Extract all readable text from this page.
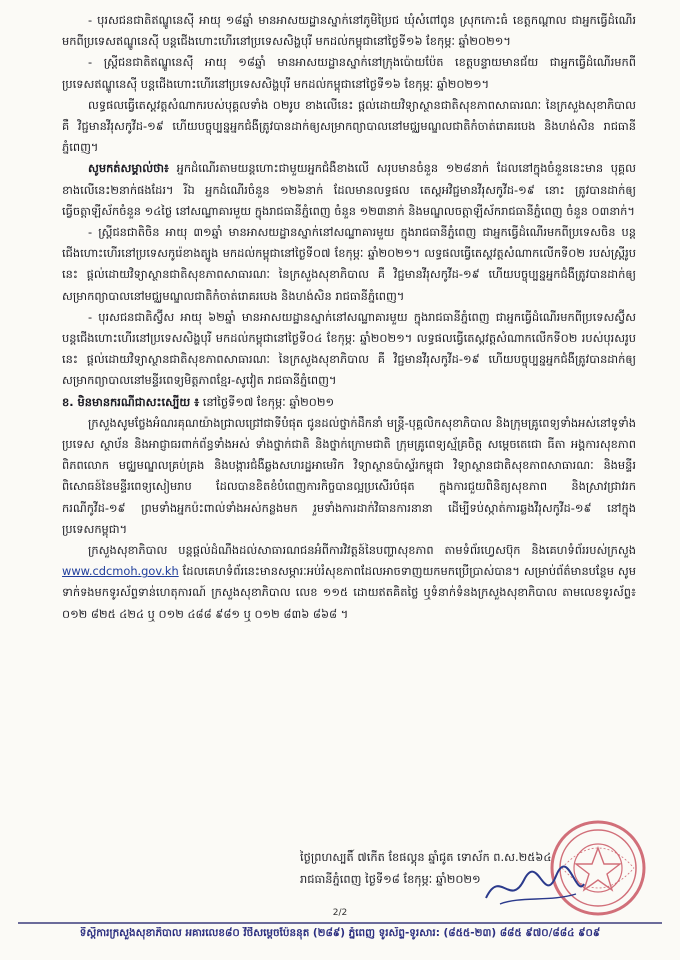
- បុរសជនជាតិឥណ្ឌូនេស៊ី អាយុ ១៨ឆ្នាំ មានអាសយដ្ឋានស្នាក់នៅភូមិប្រៃជ ឃុំសំពៅពូន ស្រុកកោះធំ ខេត្តកណ្ដាល ជាអ្នកធ្វើដំណើរមកពីប្រទេសឥណ្ឌូនេស៊ី បន្តជើងហោះហើរនៅប្រទេសសិង្ហបុរី មកដល់កម្ពុជានៅថ្ងៃទី១៦ ខែកុម្ភៈ ឆ្នាំ២០២១។

- ស្ត្រីជនជាតិឥណ្ឌូនេស៊ី អាយុ ១៨ឆ្នាំ មានអាសយដ្ឋានស្នាក់នៅក្រុងប៉ោយប៉ែត ខេត្តបន្ទាយមានជ័យ ជាអ្នកធ្វើដំណើរមកពីប្រទេសឥណ្ឌូនេស៊ី បន្តជើងហោះហើរនៅប្រទេសសិង្ហបុរី មកដល់កម្ពុជានៅថ្ងៃទី១៦ ខែកុម្ភៈ ឆ្នាំ២០២១។

លទ្ធផលធ្វើតេស្តវត្តសំណាករបស់បុគ្គលទាំង ០២រូប ខាងលើនេះ ផ្តល់ដោយវិទ្យាស្ថានជាតិសុខភាពសាធារណៈ នៃក្រសួងសុខាភិបាល គឺ វិជ្ជមានវីរុសកូវីដ-១៩ ហើយបច្ចុប្បន្នអ្នកជំងឺត្រូវបានដាក់ឲ្យសម្រាកព្យាបាលនៅមជ្ឈមណ្ឌលជាតិកំចាត់រោគរបេង និងហង់សិន រាជធានីភ្នំពេញ។

សូមកត់សម្គាល់ថា៖ អ្នកដំណើរតាមយន្តហោះជាមួយអ្នកជំងឺខាងលើ សរុបមានចំនួន ១២៨នាក់ ដែលនៅក្នុងចំនួននេះមាន បុគ្គលខាងលើនេះ២នាក់ផងដែរ។ រីឯ អ្នកដំណើរចំនួន ១២៦នាក់ ដែលមានលទ្ធផល តេស្តអវិជ្ជមានវីរុសកូវីដ-១៩ នោះ ត្រូវបានដាក់ឲ្យធ្វើចត្តាឡីស័កចំនួន ១៤ថ្ងៃ នៅសណ្ឋាគារមួយ ក្នុងរាជធានីភ្នំពេញ ចំនួន ១២៣នាក់ និងមណ្ឌលចត្តាឡីស័ករាជធានីភ្នំពេញ ចំនួន ០៣នាក់។

- ស្ត្រីជនជាតិចិន អាយុ ៣១ឆ្នាំ មានអាសយដ្ឋានស្នាក់នៅសណ្ឋាគារមួយ ក្នុងរាជធានីភ្នំពេញ ជាអ្នកធ្វើដំណើរមកពីប្រទេសចិន បន្តជើងហោះហើរនៅប្រទេសកូរ៉េខាងត្បូង មកដល់កម្ពុជានៅថ្ងៃទី០៧ ខែកុម្ភៈ ឆ្នាំ២០២១។ លទ្ធផលធ្វើតេស្តវត្តសំណាកលើកទី០២ របស់ស្ត្រីរូបនេះ ផ្តល់ដោយវិទ្យាស្ថានជាតិសុខភាពសាធារណៈ នៃក្រសួងសុខាភិបាល គឺ វិជ្ជមានវីរុសកូវីដ-១៩ ហើយបច្ចុប្បន្នអ្នកជំងឺត្រូវបានដាក់ឲ្យសម្រាកព្យាបាលនៅមជ្ឈមណ្ឌលជាតិកំចាត់រោគរបេង និងហង់សិន រាជធានីភ្នំពេញ។

- បុរសជនជាតិស្វ៊ីស អាយុ ៦២ឆ្នាំ មានអាសយដ្ឋានស្នាក់នៅសណ្ឋាគារមួយ ក្នុងរាជធានីភ្នំពេញ ជាអ្នកធ្វើដំណើរមកពីប្រទេសស្វ៊ីស បន្តជើងហោះហើរនៅប្រទេសសិង្ហបុរី មកដល់កម្ពុជានៅថ្ងៃទី០៤ ខែកុម្ភៈ ឆ្នាំ២០២១។ លទ្ធផលធ្វើតេស្តវត្តសំណាកលើកទី០២ របស់បុរសរូបនេះ ផ្តល់ដោយវិទ្យាស្ថានជាតិសុខភាពសាធារណៈ នៃក្រសួងសុខាភិបាល គឺ វិជ្ជមានវីរុសកូវីដ-១៩ ហើយបច្ចុប្បន្នអ្នកជំងឺត្រូវបានដាក់ឲ្យសម្រាកព្យាបាលនៅមន្ទីរពេទ្យមិត្តភាពខ្មែរ-សូវៀត រាជធានីភ្នំពេញ។

ខ. មិនមានករណីជាសះស្បើយ ៖ នៅថ្ងៃទី១៧ ខែកុម្ភៈ ឆ្នាំ២០២១

ក្រសួងសូមថ្លែងអំណរគុណយ៉ាងជ្រាលជ្រៅជាទីបំផុត ជូនដល់ថ្នាក់ដឹកនាំ មន្ត្រី-បុគ្គលិកសុខាភិបាល និងក្រុមគ្រូពេទ្យទាំងអស់នៅទូទាំងប្រទេស ស្ថាប័ន និងអាជ្ញាធរពាក់ព័ន្ធទាំងអស់ ទាំងថ្នាក់ជាតិ និងថ្នាក់ក្រោមជាតិ ក្រុមគ្រូពេទ្យស្ម័គ្រចិត្ត សម្តេចតេជោ ធីតា អង្គការសុខភាពពិភពលោក មជ្ឈមណ្ឌលគ្រប់គ្រង និងបង្ការជំងឺឆ្លងសហរដ្ឋអាមេរិក វិទ្យាស្ថានប៉ាស្ទ័រកម្ពុជា វិទ្យាស្ថានជាតិសុខភាពសាធារណៈ និងមន្ទីរពិសោធន៍នៃមន្ទីរពេទ្យសៀមរាប ដែលបានខិតខំបំពេញការកិច្ចបានល្អប្រសើរបំផុត ក្នុងការជួយពិនិត្យសុខភាព និងស្រាវជ្រាវរកករណីកូវីដ-១៩ ព្រមទាំងអ្នកប៉ះពាល់ទាំងអស់កន្លងមក រួមទាំងការដាក់វិធានការនានា ដើម្បីទប់ស្កាត់ការឆ្លងវីរុសកូវីដ-១៩ នៅក្នុងប្រទេសកម្ពុជា។

ក្រសួងសុខាភិបាល បន្តផ្តល់ដំណឹងដល់សាធារណជនអំពីការវិវត្តន៍នៃបញ្ហាសុខភាព តាមទំព័រហ្វេសប៊ុក និងគេហទំព័ររបស់ក្រសួង www.cdcmoh.gov.kh ដែលគេហទំព័រនេះមានសម្ភារៈអប់រំសុខភាពដែលអាចទាញយកមកប្រើប្រាស់បាន។ សម្រាប់ព័ត៌មានបន្ថែម សូមទាក់ទងមកទូរស័ព្ទទាន់ហេតុការណ៍ ក្រសួងសុខាភិបាល លេខ ១១៥ ដោយឥតគិតថ្លៃ ឬទំនាក់ទំនងក្រសួងសុខាភិបាល តាមលេខទូរស័ព្ទ៖ ០១២ ៨២៥ ៤២៤ ឬ ០១២ ៤៨៨ ៩៨១ ឬ ០១២ ៨៣៦ ៨៦៨ ។

ថ្ងៃព្រហស្បតិ៍ ៧កើត ខែផល្គុន ឆ្នាំជូត ទោស័ក ព.ស.២៥៦៤
រាជធានីភ្នំពេញ ថ្ងៃទី១៨ ខែកុម្ភៈ ឆ្នាំ២០២១
2/2
ទីស្តីការក្រសួងសុខាភិបាល អគារលេខ៨០ វិថីសម្តេចប៉ែននុត (២៨៩) ភ្នំពេញ ទូរស័ព្ទ-ទូរសារ: (៨៥៥-២៣) ៨៨៥ ៩៧០/៨៨៤ ៩០៩
